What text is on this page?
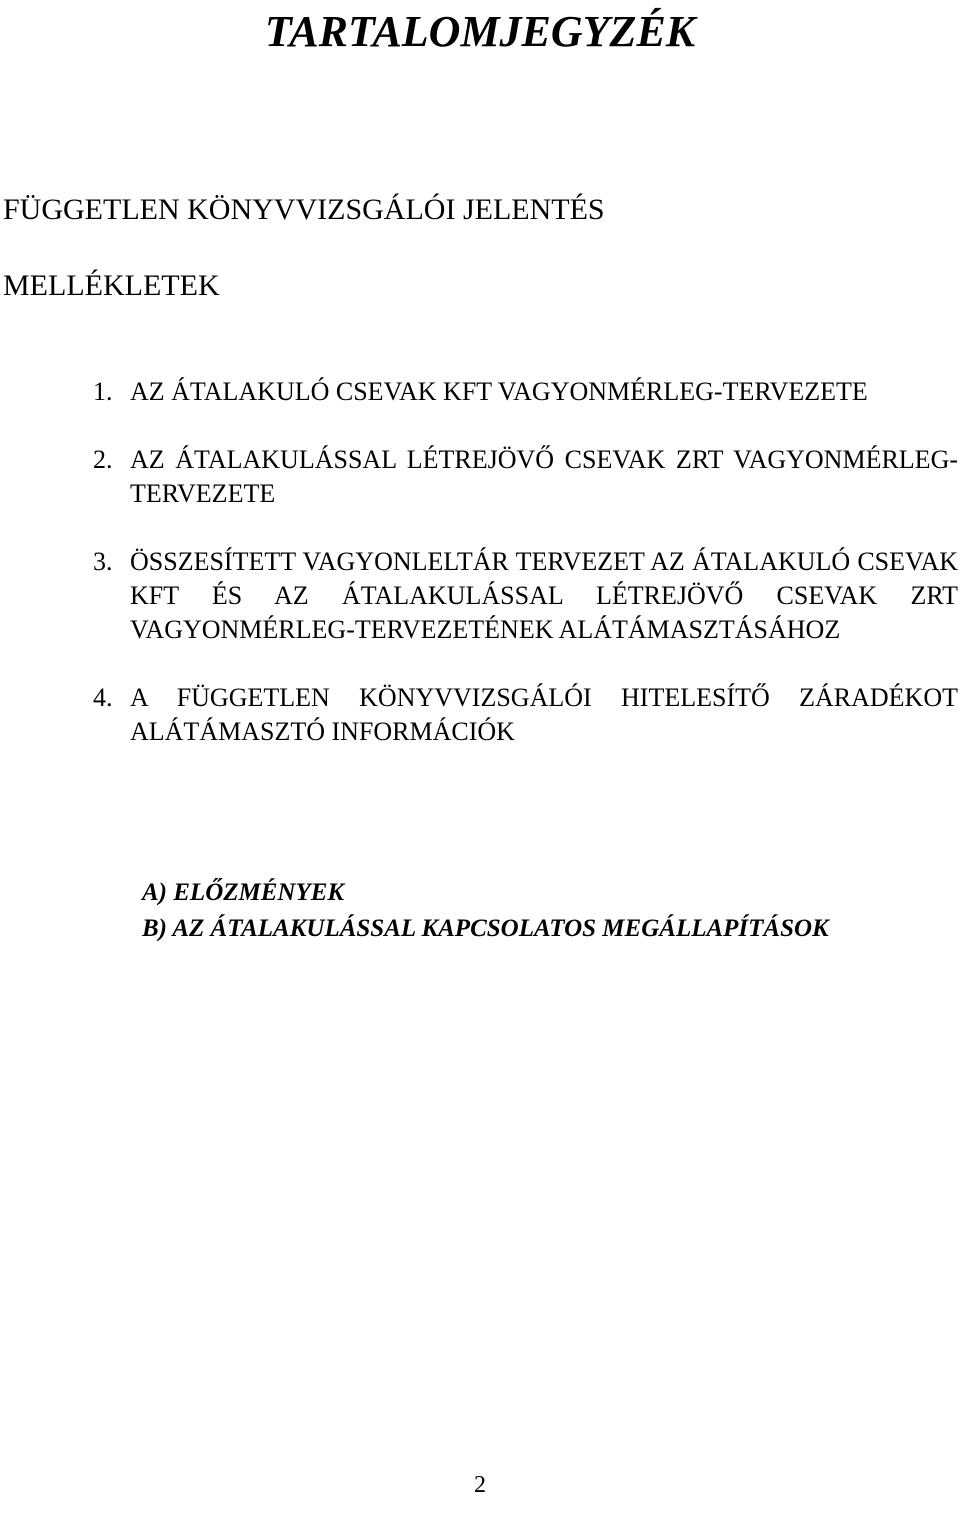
TARTALOMJEGYZÉK

FÜGGETLEN KÖNYVVIZSGÁLÓI JELENTÉS

MELLÉKLETEK

1. AZ ÁTALAKULÓ CSEVAK KFT VAGYONMÉRLEG-TERVEZETE
2. AZ ÁTALAKULÁSSAL LÉTREJÖVŐ CSEVAK ZRT VAGYONMÉRLEG-TERVEZETE
3. ÖSSZESÍTETT VAGYONLELTÁR TERVEZET AZ ÁTALAKULÓ CSEVAK KFT ÉS AZ ÁTALAKULÁSSAL LÉTREJÖVŐ CSEVAK ZRT VAGYONMÉRLEG-TERVEZETÉNEK ALÁTÁMASZTÁSÁHOZ
4. A FÜGGETLEN KÖNYVVIZSGÁLÓI HITELESÍTŐ ZÁRADÉKOT ALÁTÁMASZTÓ INFORMÁCIÓK
A) ELŐZMÉNYEK
B) AZ ÁTALAKULÁSSAL KAPCSOLATOS MEGÁLLAPÍTÁSOK
2
